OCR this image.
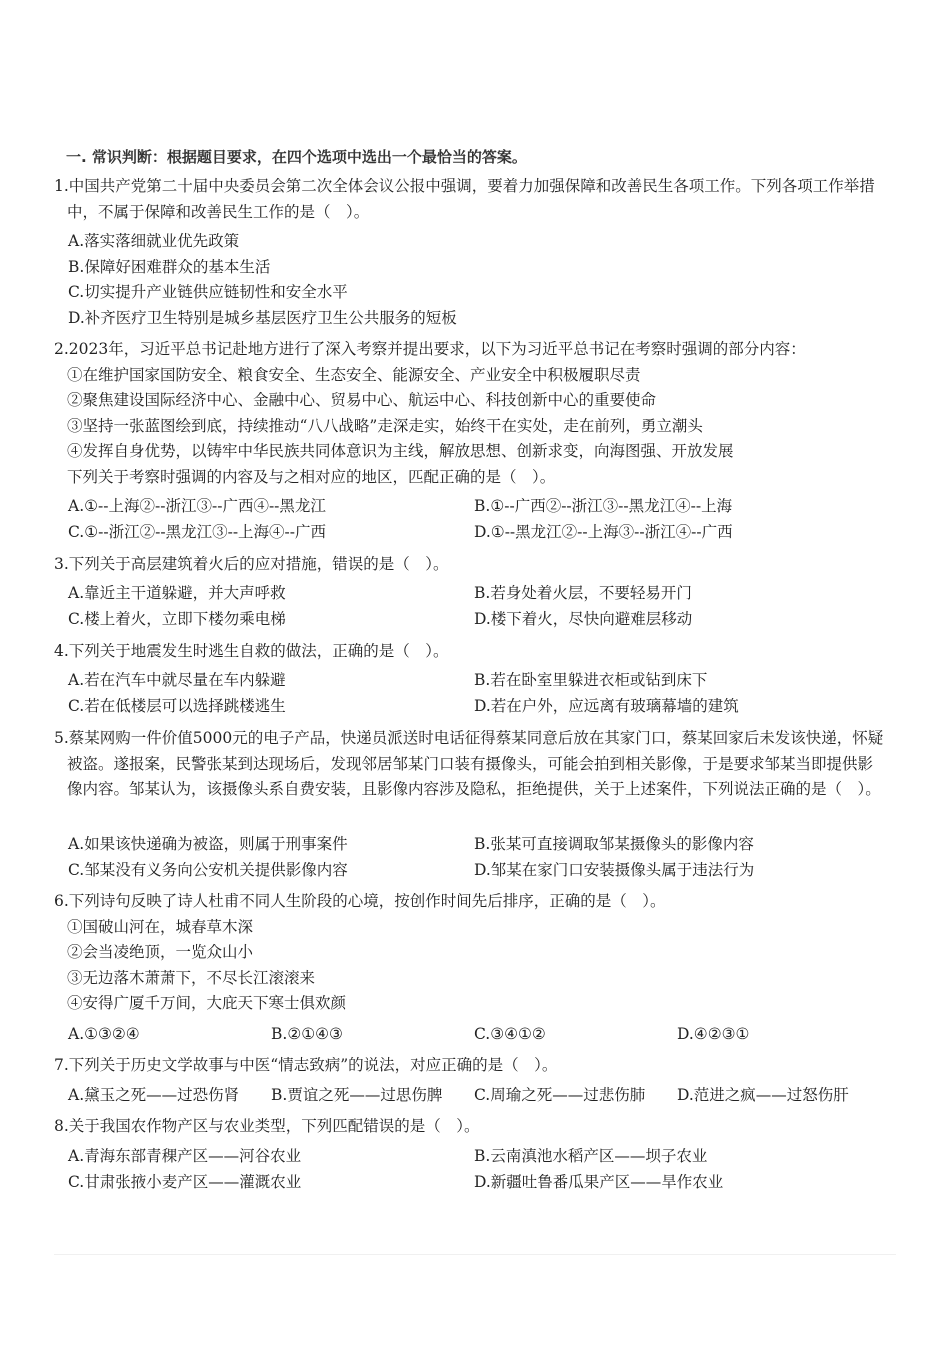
一. 常识判断：根据题目要求，在四个选项中选出一个最恰当的答案。
1.中国共产党第二十届中央委员会第二次全体会议公报中强调，要着力加强保障和改善民生各项工作。下列各项工作举措中，不属于保障和改善民生工作的是（　）。
A.落实落细就业优先政策
B.保障好困难群众的基本生活
C.切实提升产业链供应链韧性和安全水平
D.补齐医疗卫生特别是城乡基层医疗卫生公共服务的短板
2.2023年，习近平总书记赴地方进行了深入考察并提出要求，以下为习近平总书记在考察时强调的部分内容：
①在维护国家国防安全、粮食安全、生态安全、能源安全、产业安全中积极履职尽责
②聚焦建设国际经济中心、金融中心、贸易中心、航运中心、科技创新中心的重要使命
③坚持一张蓝图绘到底，持续推动“八八战略”走深走实，始终干在实处，走在前列，勇立潮头
④发挥自身优势，以铸牢中华民族共同体意识为主线，解放思想、创新求变，向海图强、开放发展
下列关于考察时强调的内容及与之相对应的地区，匹配正确的是（　）。
A.①--上海②--浙江③--广西④--黑龙江	B.①--广西②--浙江③--黑龙江④--上海
C.①--浙江②--黑龙江③--上海④--广西	D.①--黑龙江②--上海③--浙江④--广西
3.下列关于高层建筑着火后的应对措施，错误的是（　）。
A.靠近主干道躲避，并大声呼救	B.若身处着火层，不要轻易开门
C.楼上着火，立即下楼勿乘电梯	D.楼下着火，尽快向避难层移动
4.下列关于地震发生时逃生自救的做法，正确的是（　）。
A.若在汽车中就尽量在车内躲避	B.若在卧室里躲进衣柜或钻到床下
C.若在低楼层可以选择跳楼逃生	D.若在户外，应远离有玻璃幕墙的建筑
5.蔡某网购一件价值5000元的电子产品，快递员派送时电话征得蔡某同意后放在其家门口，蔡某回家后未发该快递，怀疑被盗。遂报案，民警张某到达现场后，发现邻居邹某门口装有摄像头，可能会拍到相关影像，于是要求邹某当即提供影像内容。邹某认为，该摄像头系自费安装，且影像内容涉及隐私，拒绝提供，关于上述案件，下列说法正确的是（　）。
A.如果该快递确为被盗，则属于刑事案件	B.张某可直接调取邹某摄像头的影像内容
C.邹某没有义务向公安机关提供影像内容	D.邹某在家门口安装摄像头属于违法行为
6.下列诗句反映了诗人杜甫不同人生阶段的心境，按创作时间先后排序，正确的是（　）。
①国破山河在，城春草木深
②会当凌绝顶，一览众山小
③无边落木萧萧下，不尽长江滚滚来
④安得广厦千万间，大庇天下寒士俱欢颜
A.①③②④	B.②①④③	C.③④①②	D.④②③①
7.下列关于历史文学故事与中医“情志致病”的说法，对应正确的是（　）。
A.黛玉之死——过恐伤肾 B.贾谊之死——过思伤脾 C.周瑜之死——过悲伤肺 D.范进之疯——过怒伤肝
8.关于我国农作物产区与农业类型，下列匹配错误的是（　）。
A.青海东部青稞产区——河谷农业	B.云南滇池水稻产区——坝子农业
C.甘肃张掖小麦产区——灌溉农业	D.新疆吐鲁番瓜果产区——旱作农业
